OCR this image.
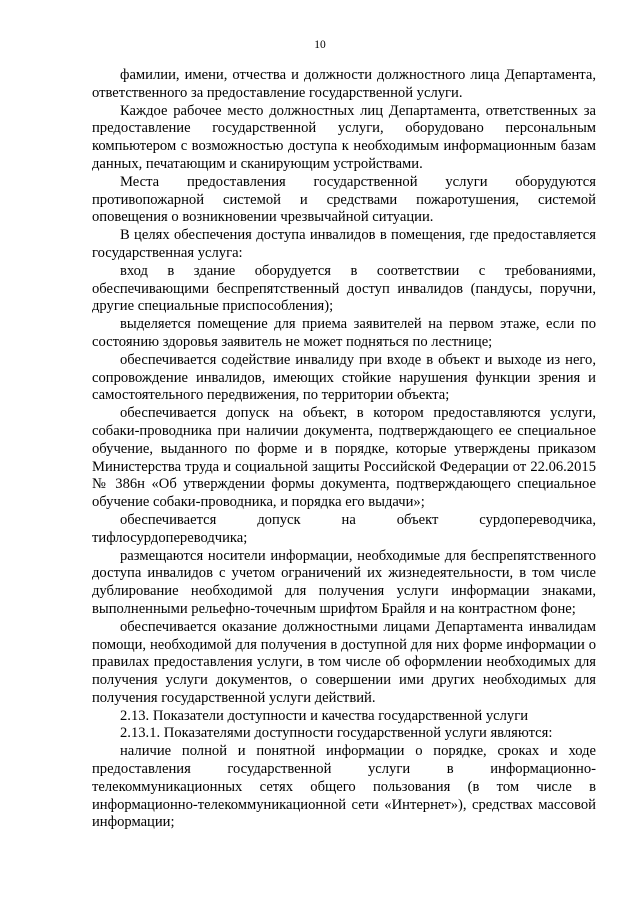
10

фамилии, имени, отчества и должности должностного лица Департамента, ответственного за предоставление государственной услуги.

Каждое рабочее место должностных лиц Департамента, ответственных за предоставление государственной услуги, оборудовано персональным компьютером с возможностью доступа к необходимым информационным базам данных, печатающим и сканирующим устройствами.

Места предоставления государственной услуги оборудуются противопожарной системой и средствами пожаротушения, системой оповещения о возникновении чрезвычайной ситуации.

В целях обеспечения доступа инвалидов в помещения, где предоставляется государственная услуга:

вход в здание оборудуется в соответствии с требованиями, обеспечивающими беспрепятственный доступ инвалидов (пандусы, поручни, другие специальные приспособления);

выделяется помещение для приема заявителей на первом этаже, если по состоянию здоровья заявитель не может подняться по лестнице;

обеспечивается содействие инвалиду при входе в объект и выходе из него, сопровождение инвалидов, имеющих стойкие нарушения функции зрения и самостоятельного передвижения, по территории объекта;

обеспечивается допуск на объект, в котором предоставляются услуги, собаки-проводника при наличии документа, подтверждающего ее специальное обучение, выданного по форме и в порядке, которые утверждены приказом Министерства труда и социальной защиты Российской Федерации от 22.06.2015 № 386н «Об утверждении формы документа, подтверждающего специальное обучение собаки-проводника, и порядка его выдачи»;

обеспечивается допуск на объект сурдопереводчика, тифлосурдопереводчика;

размещаются носители информации, необходимые для беспрепятственного доступа инвалидов с учетом ограничений их жизнедеятельности, в том числе дублирование необходимой для получения услуги информации знаками, выполненными рельефно-точечным шрифтом Брайля и на контрастном фоне;

обеспечивается оказание должностными лицами Департамента инвалидам помощи, необходимой для получения в доступной для них форме информации о правилах предоставления услуги, в том числе об оформлении необходимых для получения услуги документов, о совершении ими других необходимых для получения государственной услуги действий.

2.13. Показатели доступности и качества государственной услуги

2.13.1. Показателями доступности государственной услуги являются:

наличие полной и понятной информации о порядке, сроках и ходе предоставления государственной услуги в информационно-телекоммуникационных сетях общего пользования (в том числе в информационно-телекоммуникационной сети «Интернет»), средствах массовой информации;
